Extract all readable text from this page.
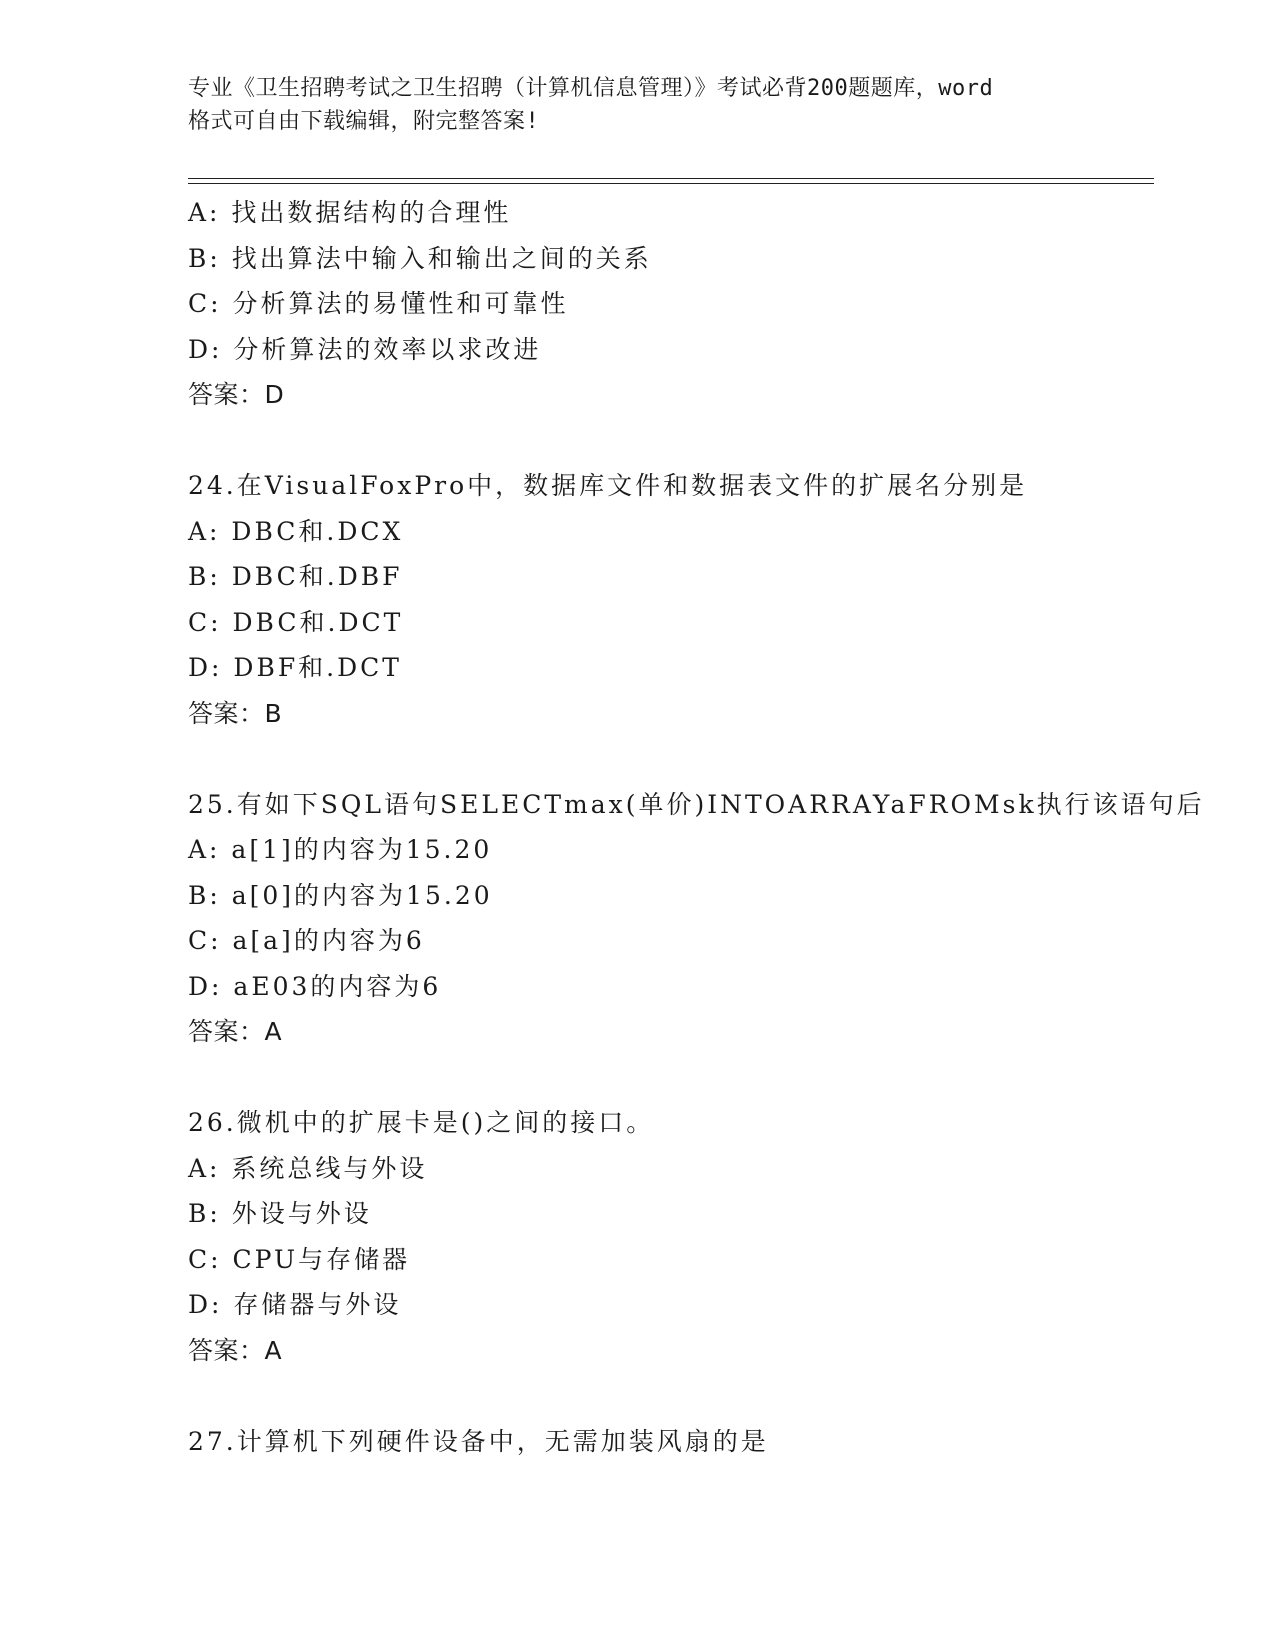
专业《卫生招聘考试之卫生招聘（计算机信息管理）》考试必背200题题库，word
格式可自由下载编辑，附完整答案!
A: 找出数据结构的合理性
B: 找出算法中输入和输出之间的关系
C: 分析算法的易懂性和可靠性
D: 分析算法的效率以求改进
答案：D
24.在VisualFoxPro中，数据库文件和数据表文件的扩展名分别是
A: DBC和.DCX
B: DBC和.DBF
C: DBC和.DCT
D: DBF和.DCT
答案：B
25.有如下SQL语句SELECTmax(单价)INTOARRAYaFROMsk执行该语句后
A: a[1]的内容为15.20
B: a[0]的内容为15.20
C: a[a]的内容为6
D: aE03的内容为6
答案：A
26.微机中的扩展卡是()之间的接口。
A: 系统总线与外设
B: 外设与外设
C: CPU与存储器
D: 存储器与外设
答案：A
27.计算机下列硬件设备中，无需加装风扇的是
